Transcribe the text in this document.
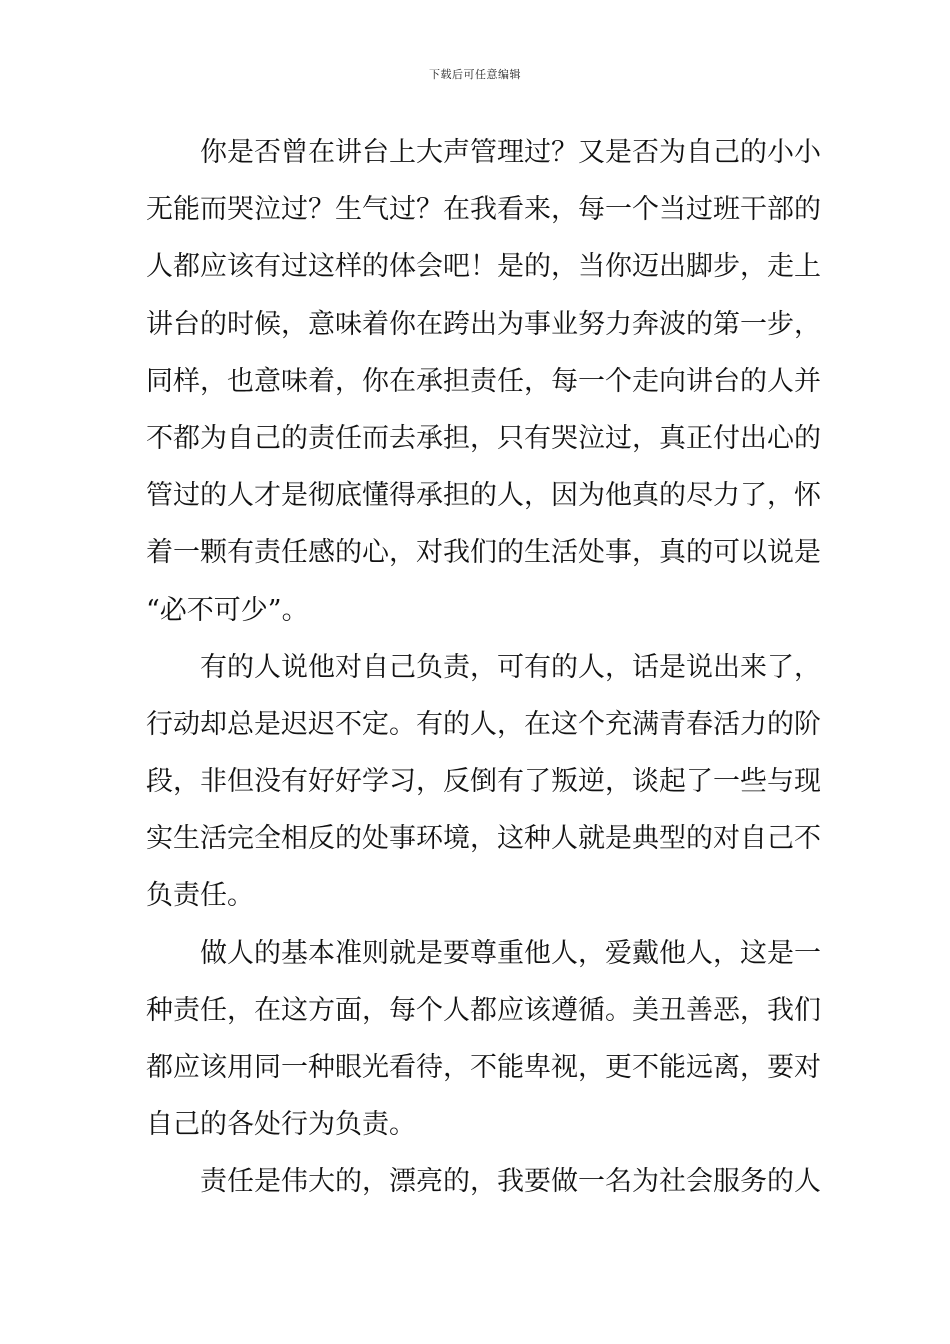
下载后可任意编辑
你是否曾在讲台上大声管理过？又是否为自己的小小
无能而哭泣过？生气过？在我看来，每一个当过班干部的
人都应该有过这样的体会吧！是的，当你迈出脚步，走上
讲台的时候，意味着你在跨出为事业努力奔波的第一步，
同样，也意味着，你在承担责任，每一个走向讲台的人并
不都为自己的责任而去承担，只有哭泣过，真正付出心的
管过的人才是彻底懂得承担的人，因为他真的尽力了，怀
着一颗有责任感的心，对我们的生活处事，真的可以说是
“必不可少”。
有的人说他对自己负责，可有的人，话是说出来了，
行动却总是迟迟不定。有的人，在这个充满青春活力的阶
段，非但没有好好学习，反倒有了叛逆，谈起了一些与现
实生活完全相反的处事环境，这种人就是典型的对自己不
负责任。
做人的基本准则就是要尊重他人，爱戴他人，这是一
种责任，在这方面，每个人都应该遵循。美丑善恶，我们
都应该用同一种眼光看待，不能卑视，更不能远离，要对
自己的各处行为负责。
责任是伟大的，漂亮的，我要做一名为社会服务的人
